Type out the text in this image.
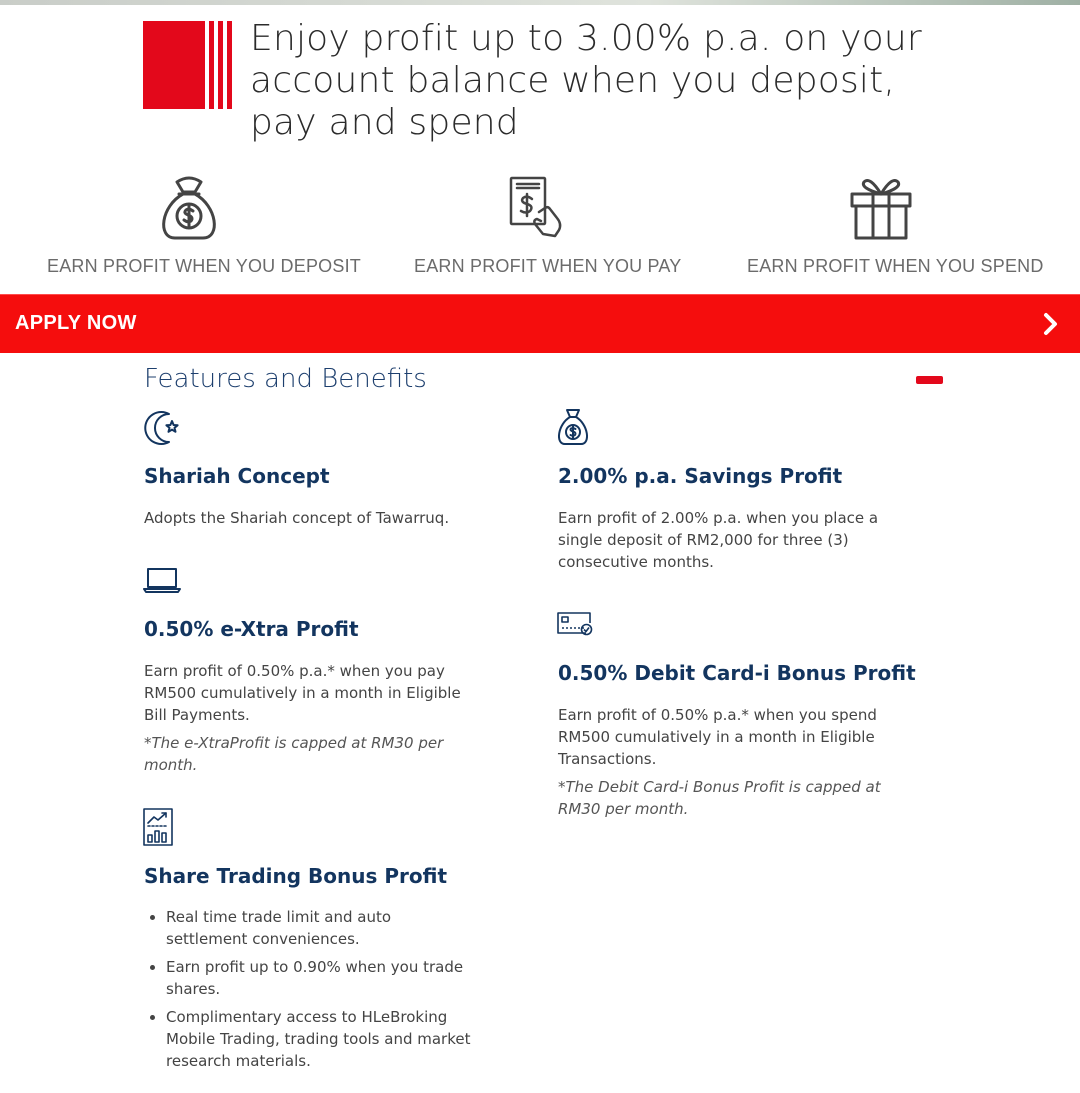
Enjoy profit up to 3.00% p.a. on your account balance when you deposit, pay and spend
EARN PROFIT WHEN YOU DEPOSIT	EARN PROFIT WHEN YOU PAY	EARN PROFIT WHEN YOU SPEND
APPLY NOW
Features and Benefits
Shariah Concept
Adopts the Shariah concept of Tawarruq.
2.00% p.a. Savings Profit
Earn profit of 2.00% p.a. when you place a single deposit of RM2,000 for three (3) consecutive months.
0.50% e-Xtra Profit
Earn profit of 0.50% p.a.* when you pay RM500 cumulatively in a month in Eligible Bill Payments.
*The e-XtraProfit is capped at RM30 per month.
0.50% Debit Card-i Bonus Profit
Earn profit of 0.50% p.a.* when you spend RM500 cumulatively in a month in Eligible Transactions.
*The Debit Card-i Bonus Profit is capped at RM30 per month.
Share Trading Bonus Profit
• Real time trade limit and auto settlement conveniences.
• Earn profit up to 0.90% when you trade shares.
• Complimentary access to HLeBroking Mobile Trading, trading tools and market research materials.
